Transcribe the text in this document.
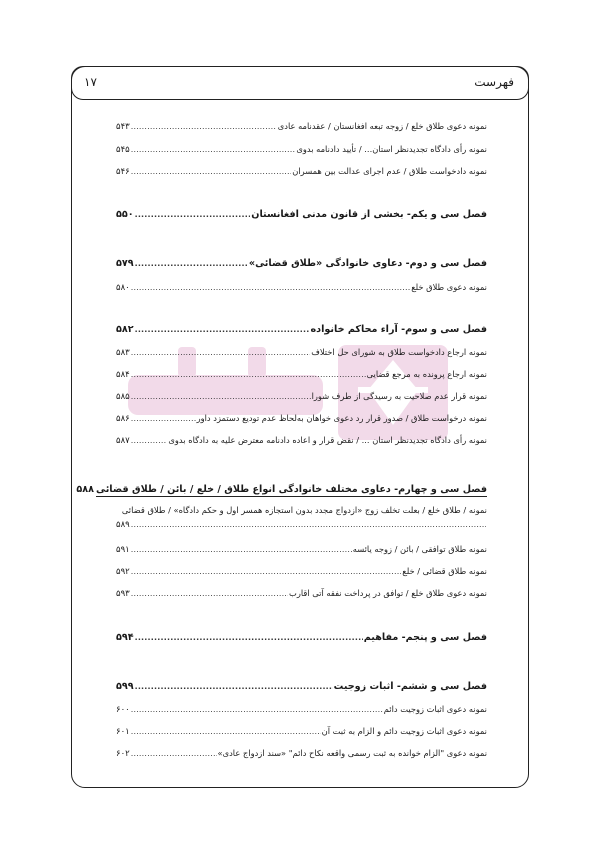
فهرست
۱۷
نمونه دعوی طلاق خلع / زوجه تبعه افغانستان / عقدنامه عادی
.....
۵۴۳
نمونه رأی دادگاه تجدیدنظر استان... / تأیید دادنامه بدوی
.....
۵۴۵
نمونه دادخواست طلاق / عدم اجرای عدالت بین همسران
.....
۵۴۶
فصل سی و یکم- بخشی از قانون مدنی افغانستان
.....
۵۵۰
فصل سی و دوم- دعاوی خانوادگی «طلاق قضائی»
.....
۵۷۹
نمونه دعوی طلاق خلع
.....
۵۸۰
فصل سی و سوم- آراء محاکم خانواده
.....
۵۸۲
نمونه ارجاع دادخواست طلاق به شورای حل اختلاف
.....
۵۸۳
نمونه ارجاع پرونده به مرجع قضایی
.....
۵۸۴
نمونه قرار عدم صلاحیت به رسیدگی از طرف شورا
.....
۵۸۵
نمونه درخواست طلاق / صدور قرار رد دعوی خواهان به‌لحاظ عدم تودیع دستمزد داور
.....
۵۸۶
نمونه رأی دادگاه تجدیدنظر استان ... / نقض قرار و اعاده دادنامه معترض علیه به دادگاه بدوی
.....
۵۸۷
فصل سی و چهارم- دعاوی مختلف خانوادگی انواع طلاق / خلع / بائن / طلاق قضائی
۵۸۸
نمونه / طلاق خلع / بعلت تخلف زوج «ازدواج مجدد بدون استجازه همسر اول و حکم دادگاه» / طلاق قضائی
.....
۵۸۹
نمونه طلاق توافقی / بائن / زوجه یائسه
.....
۵۹۱
نمونه طلاق قضائی / خلع
.....
۵۹۲
نمونه دعوی طلاق خلع / توافق در پرداخت نفقه آتی اقارب
.....
۵۹۳
فصل سی و پنجم- مفاهیم
.....
۵۹۴
فصل سی و ششم- اثبات زوجیت
.....
۵۹۹
نمونه دعوی اثبات زوجیت دائم
.....
۶۰۰
نمونه دعوی اثبات زوجیت دائم و الزام به ثبت آن
.....
۶۰۱
نمونه دعوی "الزام خوانده به ثبت رسمی واقعه نکاح دائم" «سند ازدواج عادی»
.....
۶۰۲
